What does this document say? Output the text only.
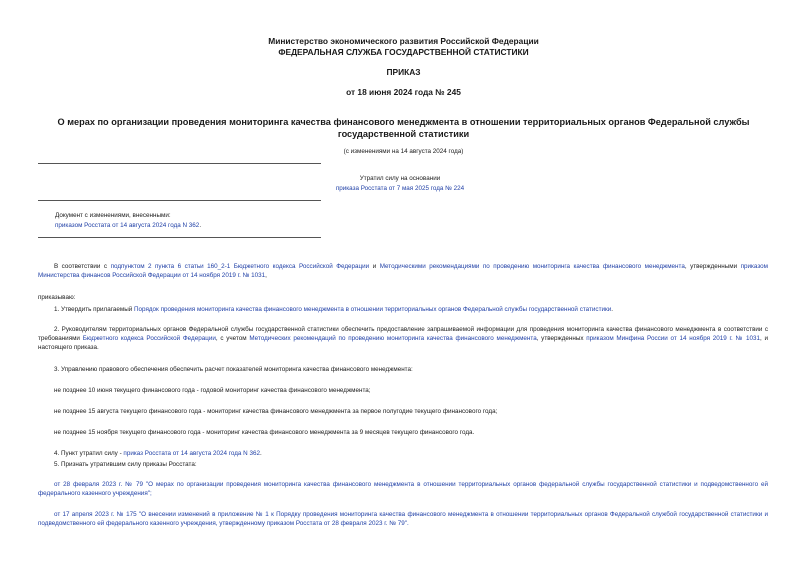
Министерство экономического развития Российской Федерации
ФЕДЕРАЛЬНАЯ СЛУЖБА ГОСУДАРСТВЕННОЙ СТАТИСТИКИ
ПРИКАЗ
от 18 июня 2024 года № 245
О мерах по организации проведения мониторинга качества финансового менеджмента в отношении территориальных органов Федеральной службы государственной статистики
(с изменениями на 14 августа 2024 года)
Утратил силу на основании
приказа Росстата от 7 мая 2025 года № 224
Документ с изменениями, внесенными:
приказом Росстата от 14 августа 2024 года N 362.
В соответствии с подпунктом 2 пункта 6 статьи 160_2-1 Бюджетного кодекса Российской Федерации и Методическими рекомендациями по проведению мониторинга качества финансового менеджмента, утвержденными приказом Министерства финансов Российской Федерации от 14 ноября 2019 г. № 1031,
приказываю:
1. Утвердить прилагаемый Порядок проведения мониторинга качества финансового менеджмента в отношении территориальных органов Федеральной службы государственной статистики.
2. Руководителям территориальных органов Федеральной службы государственной статистики обеспечить предоставление запрашиваемой информации для проведения мониторинга качества финансового менеджмента в соответствии с требованиями Бюджетного кодекса Российской Федерации, с учетом Методических рекомендаций по проведению мониторинга качества финансового менеджмента, утвержденных приказом Минфина России от 14 ноября 2019 г. № 1031, и настоящего приказа.
3. Управлению правового обеспечения обеспечить расчет показателей мониторинга качества финансового менеджмента:
не позднее 10 июня текущего финансового года - годовой мониторинг качества финансового менеджмента;
не позднее 15 августа текущего финансового года - мониторинг качества финансового менеджмента за первое полугодие текущего финансового года;
не позднее 15 ноября текущего финансового года - мониторинг качества финансового менеджмента за 9 месяцев текущего финансового года.
4. Пункт утратил силу - приказ Росстата от 14 августа 2024 года N 362.
5. Признать утратившим силу приказы Росстата:
от 28 февраля 2023 г. № 79 "О мерах по организации проведения мониторинга качества финансового менеджмента в отношении территориальных органов федеральной службы государственной статистики и подведомственного ей федерального казенного учреждения";
от 17 апреля 2023 г. № 175 "О внесении изменений в приложение № 1 к Порядку проведения мониторинга качества финансового менеджмента в отношении территориальных органов Федеральной службой государственной статистики и подведомственного ей федерального казенного учреждения, утвержденному приказом Росстата от 28 февраля 2023 г. № 79".
